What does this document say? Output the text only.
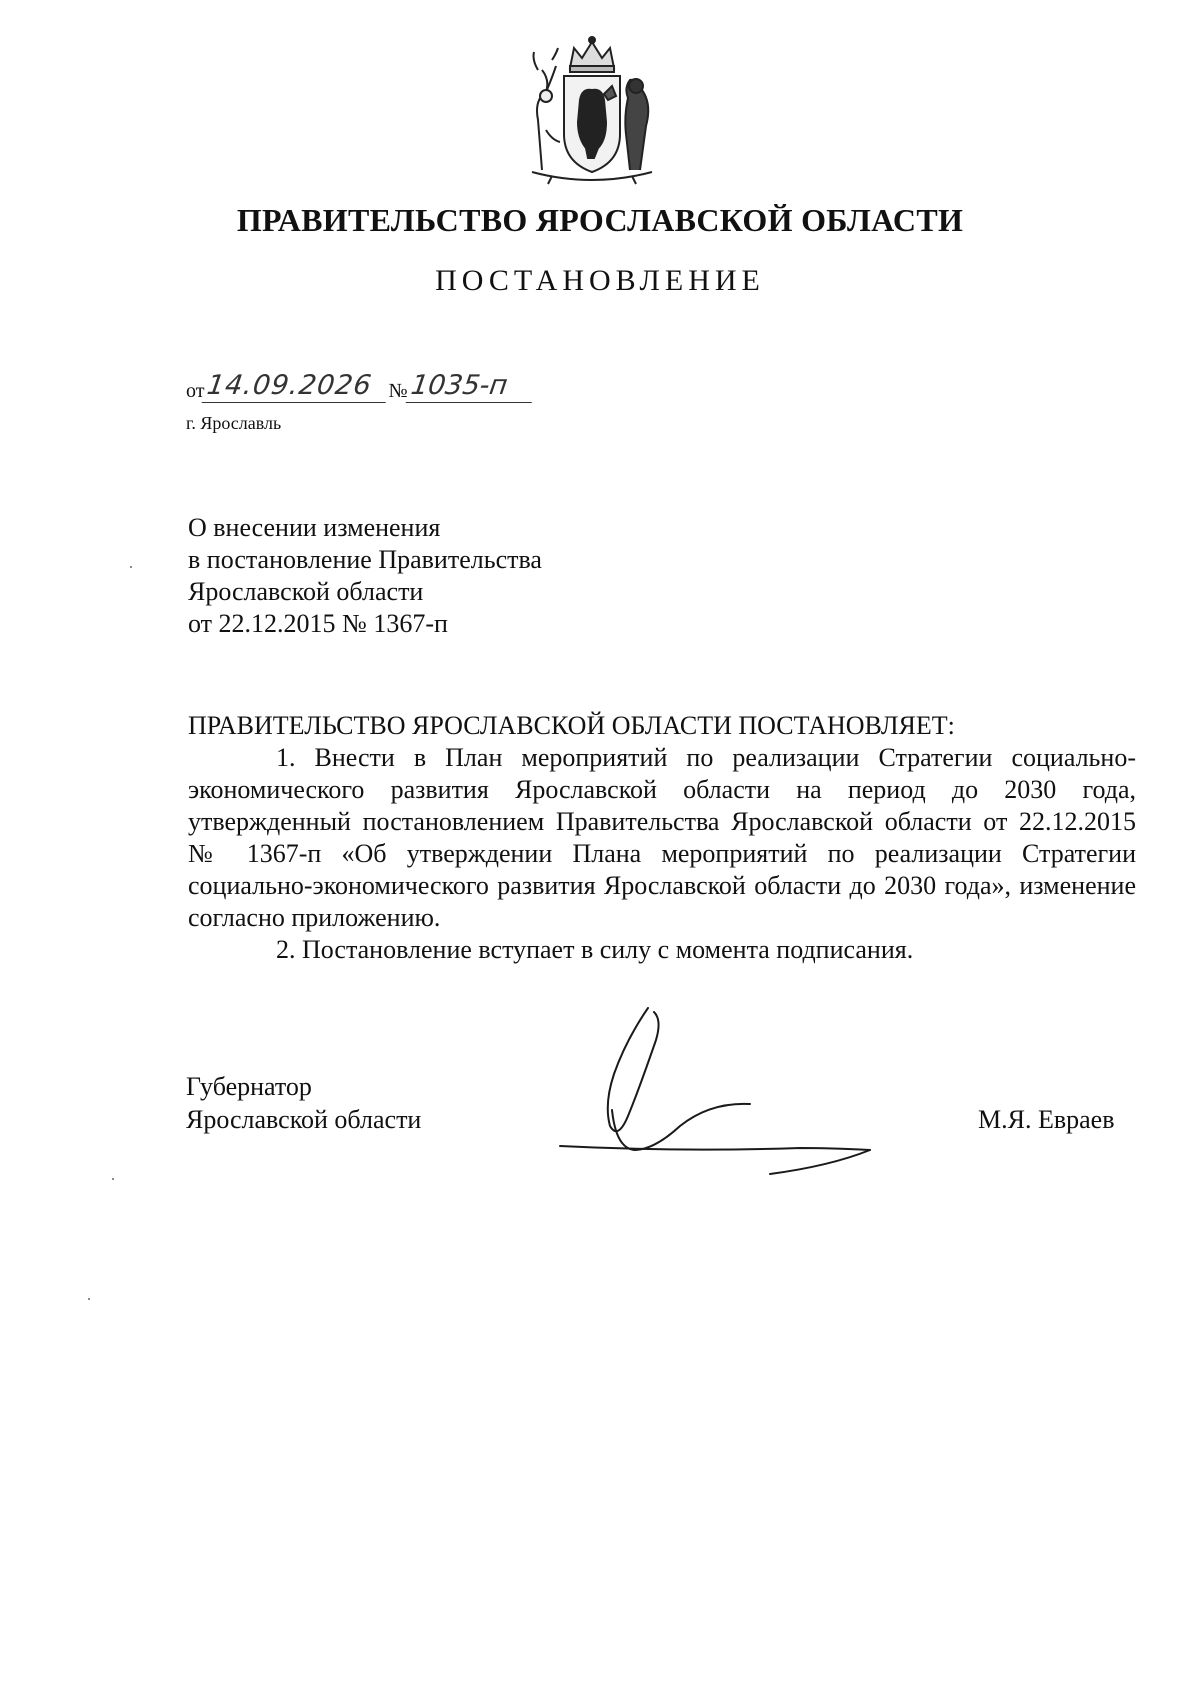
ПРАВИТЕЛЬСТВО ЯРОСЛАВСКОЙ ОБЛАСТИ
ПОСТАНОВЛЕНИЕ
от14.09.2026 №1035-п
г. Ярославль
О внесении изменения
в постановление Правительства
Ярославской области
от 22.12.2015 № 1367-п
ПРАВИТЕЛЬСТВО ЯРОСЛАВСКОЙ ОБЛАСТИ ПОСТАНОВЛЯЕТ:

1. Внести в План мероприятий по реализации Стратегии социально-экономического развития Ярославской области на период до 2030 года, утвержденный постановлением Правительства Ярославской области от 22.12.2015 № 1367-п «Об утверждении Плана мероприятий по реализации Стратегии социально-экономического развития Ярославской области до 2030 года», изменение согласно приложению.

2. Постановление вступает в силу с момента подписания.

Губернатор
Ярославской области	М.Я. Евраев
